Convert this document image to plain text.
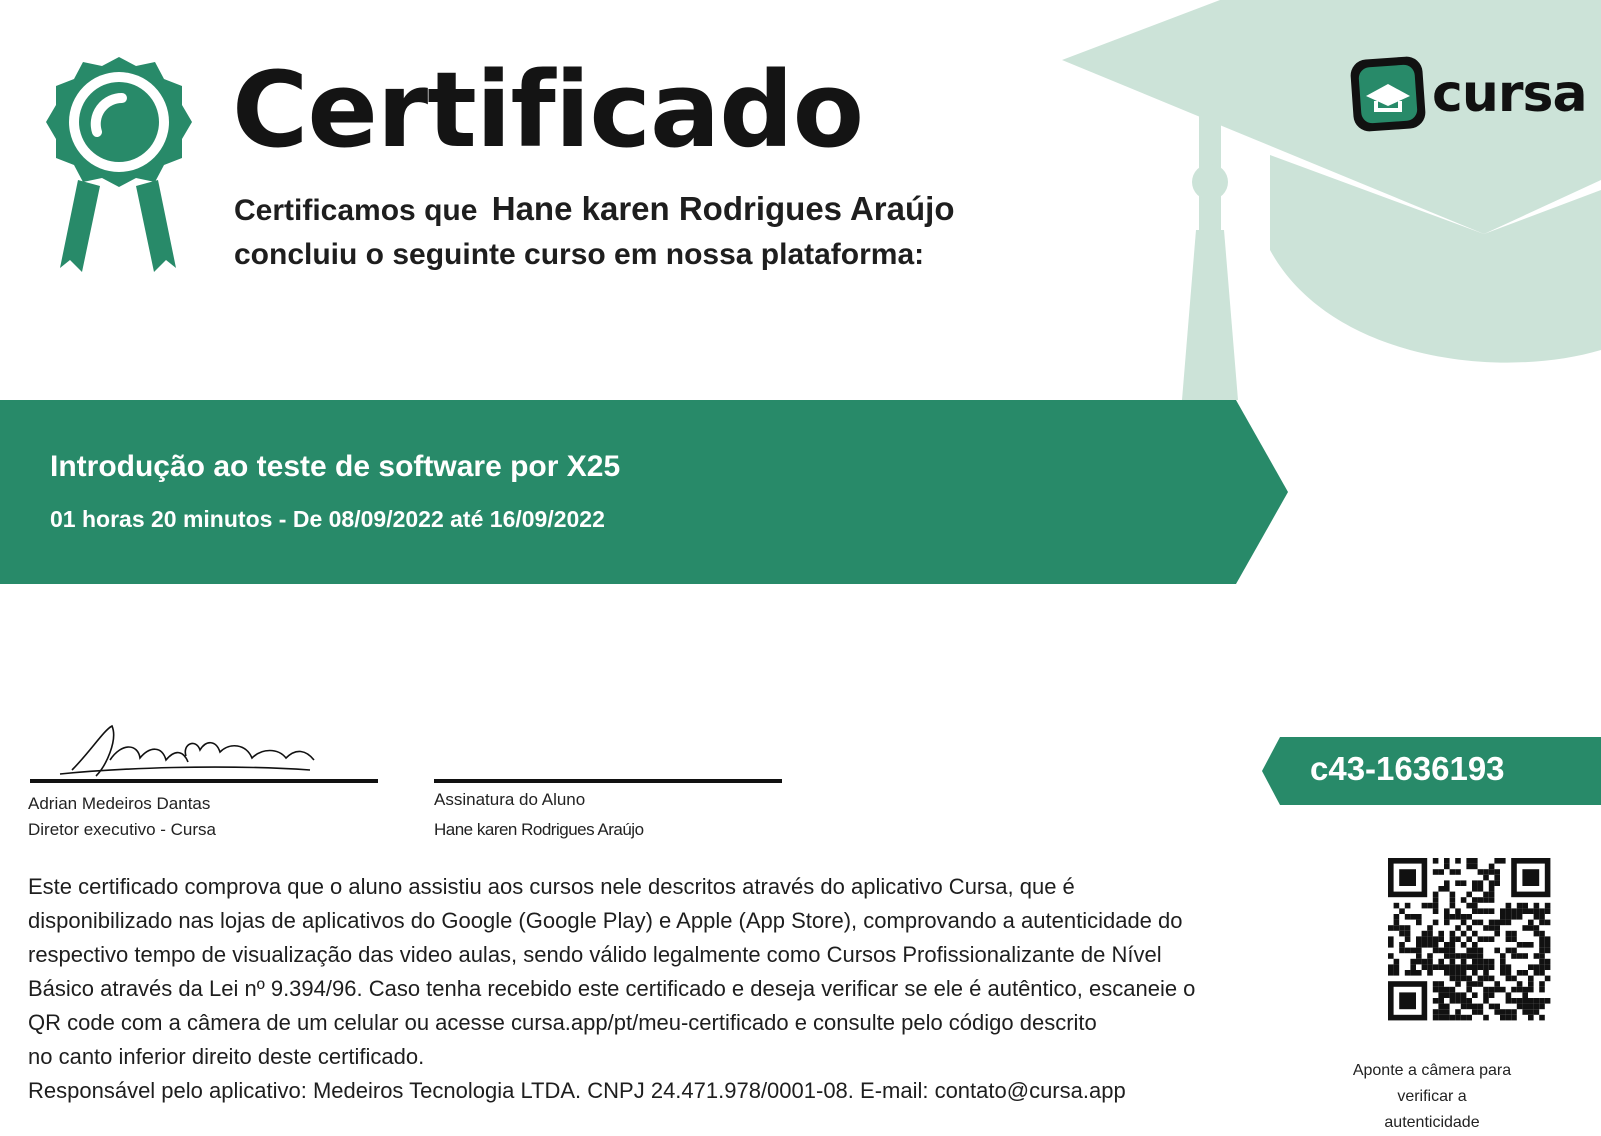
Certificado
Certificamos que Hane karen Rodrigues Araújo
concluiu o seguinte curso em nossa plataforma:
cursa
Introdução ao teste de software por X25
01 horas 20 minutos - De 08/09/2022 até 16/09/2022
c43-1636193
Adrian Medeiros Dantas
Diretor executivo - Cursa
Assinatura do Aluno
Hane karen Rodrigues Araújo

Este certificado comprova que o aluno assistiu aos cursos nele descritos através do aplicativo Cursa, que é

disponibilizado nas lojas de aplicativos do Google (Google Play) e Apple (App Store), comprovando a autenticidade do

respectivo tempo de visualização das video aulas, sendo válido legalmente como Cursos Profissionalizante de Nível

Básico através da Lei nº 9.394/96. Caso tenha recebido este certificado e deseja verificar se ele é autêntico, escaneie o

QR code com a câmera de um celular ou acesse cursa.app/pt/meu-certificado e consulte pelo código descrito

no canto inferior direito deste certificado.

Responsável pelo aplicativo: Medeiros Tecnologia LTDA. CNPJ 24.471.978/0001-08. E-mail: contato@cursa.app

Aponte a câmera para
verificar a autenticidade
